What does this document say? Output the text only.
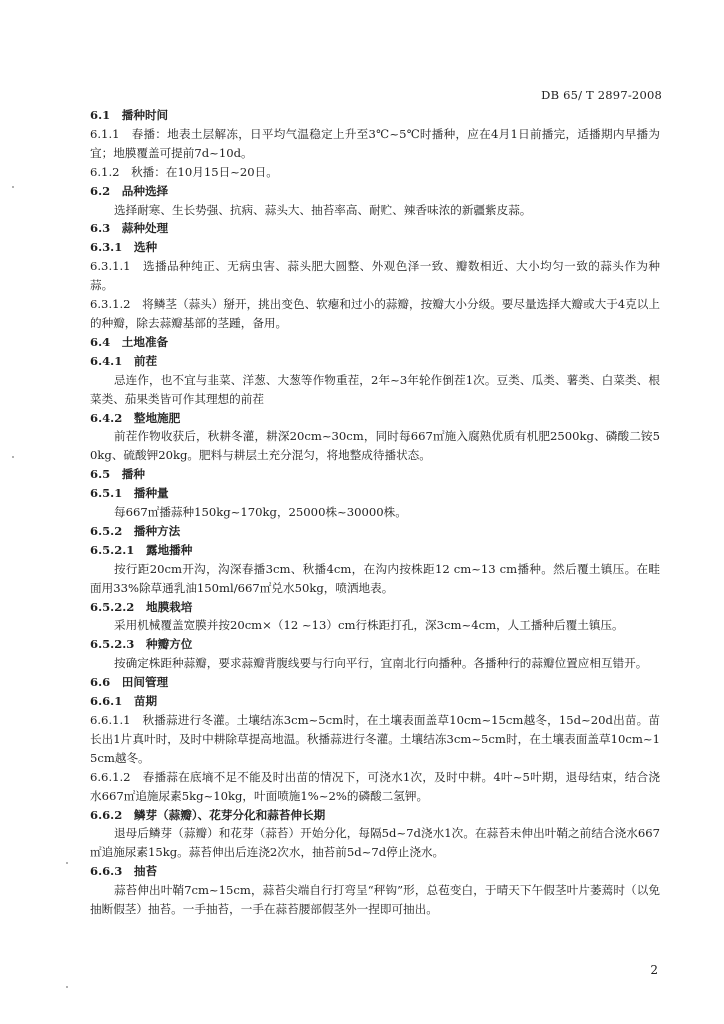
DB 65/ T 2897-2008

6.1　播种时间

6.1.1　春播：地表土层解冻，日平均气温稳定上升至3℃~5℃时播种，应在4月1日前播完，适播期内早播为宜；地膜覆盖可提前7d~10d。

6.1.2　秋播：在10月15日~20日。

6.2　品种选择

选择耐寒、生长势强、抗病、蒜头大、抽苔率高、耐贮、辣香味浓的新疆紫皮蒜。

6.3　蒜种处理

6.3.1　选种

6.3.1.1　选播品种纯正、无病虫害、蒜头肥大圆整、外观色泽一致、瓣数相近、大小均匀一致的蒜头作为种蒜。

6.3.1.2　将鳞茎（蒜头）掰开，挑出变色、软瘪和过小的蒜瓣，按瓣大小分级。要尽量选择大瓣或大于4克以上的种瓣，除去蒜瓣基部的茎踵，备用。

6.4　土地准备

6.4.1　前茬

忌连作，也不宜与韭菜、洋葱、大葱等作物重茬，2年~3年轮作倒茬1次。豆类、瓜类、薯类、白菜类、根菜类、茄果类皆可作其理想的前茬

6.4.2　整地施肥

前茬作物收获后，秋耕冬灌，耕深20cm~30cm，同时每667㎡施入腐熟优质有机肥2500kg、磷酸二铵50kg、硫酸钾20kg。肥料与耕层土充分混匀，将地整成待播状态。

6.5　播种

6.5.1　播种量

每667㎡播蒜种150kg~170kg，25000株~30000株。

6.5.2　播种方法

6.5.2.1　露地播种

按行距20cm开沟，沟深春播3cm、秋播4cm，在沟内按株距12 cm~13 cm播种。然后覆土镇压。在畦面用33%除草通乳油150ml/667㎡兑水50kg，喷洒地表。

6.5.2.2　地膜栽培

采用机械覆盖宽膜并按20cm×（12 ~13）cm行株距打孔，深3cm~4cm，人工播种后覆土镇压。

6.5.2.3　种瓣方位

按确定株距种蒜瓣，要求蒜瓣背腹线要与行向平行，宜南北行向播种。各播种行的蒜瓣位置应相互错开。

6.6　田间管理

6.6.1　苗期

6.6.1.1　秋播蒜进行冬灌。土壤结冻3cm~5cm时，在土壤表面盖草10cm~15cm越冬，15d~20d出苗。苗长出1片真叶时，及时中耕除草提高地温。秋播蒜进行冬灌。土壤结冻3cm~5cm时，在土壤表面盖草10cm~15cm越冬。

6.6.1.2　春播蒜在底墒不足不能及时出苗的情况下，可浇水1次，及时中耕。4叶~5叶期，退母结束，结合浇水667㎡追施尿素5kg~10kg，叶面喷施1%~2%的磷酸二氢钾。

6.6.2　鳞芽（蒜瓣）、花芽分化和蒜苔伸长期

退母后鳞芽（蒜瓣）和花芽（蒜苔）开始分化，每隔5d~7d浇水1次。在蒜苔未伸出叶鞘之前结合浇水667㎡追施尿素15kg。蒜苔伸出后连浇2次水，抽苔前5d~7d停止浇水。

6.6.3　抽苔

蒜苔伸出叶鞘7cm~15cm，蒜苔尖端自行打弯呈“秤钩”形，总苞变白，于晴天下午假茎叶片萎蔫时（以免抽断假茎）抽苔。一手抽苔，一手在蒜苔腰部假茎外一捏即可抽出。

2
